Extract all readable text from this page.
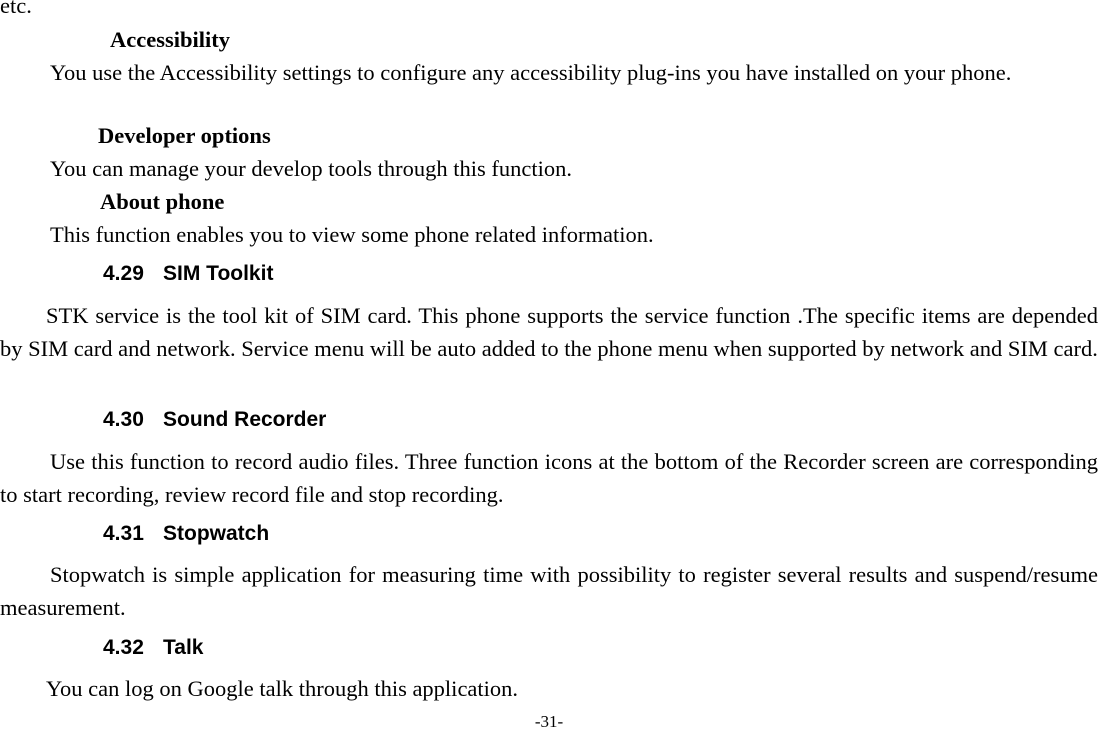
etc.
Accessibility
You use the Accessibility settings to configure any accessibility plug-ins you have installed on your phone.
Developer options
You can manage your develop tools through this function.
About phone
This function enables you to view some phone related information.
4.29 SIM Toolkit
STK service is the tool kit of SIM card. This phone supports the service function .The specific items are depended by SIM card and network. Service menu will be auto added to the phone menu when supported by network and SIM card.
4.30 Sound Recorder
Use this function to record audio files. Three function icons at the bottom of the Recorder screen are corresponding to start recording, review record file and stop recording.
4.31 Stopwatch
Stopwatch is simple application for measuring time with possibility to register several results and suspend/resume measurement.
4.32 Talk
You can log on Google talk through this application.
-31-
